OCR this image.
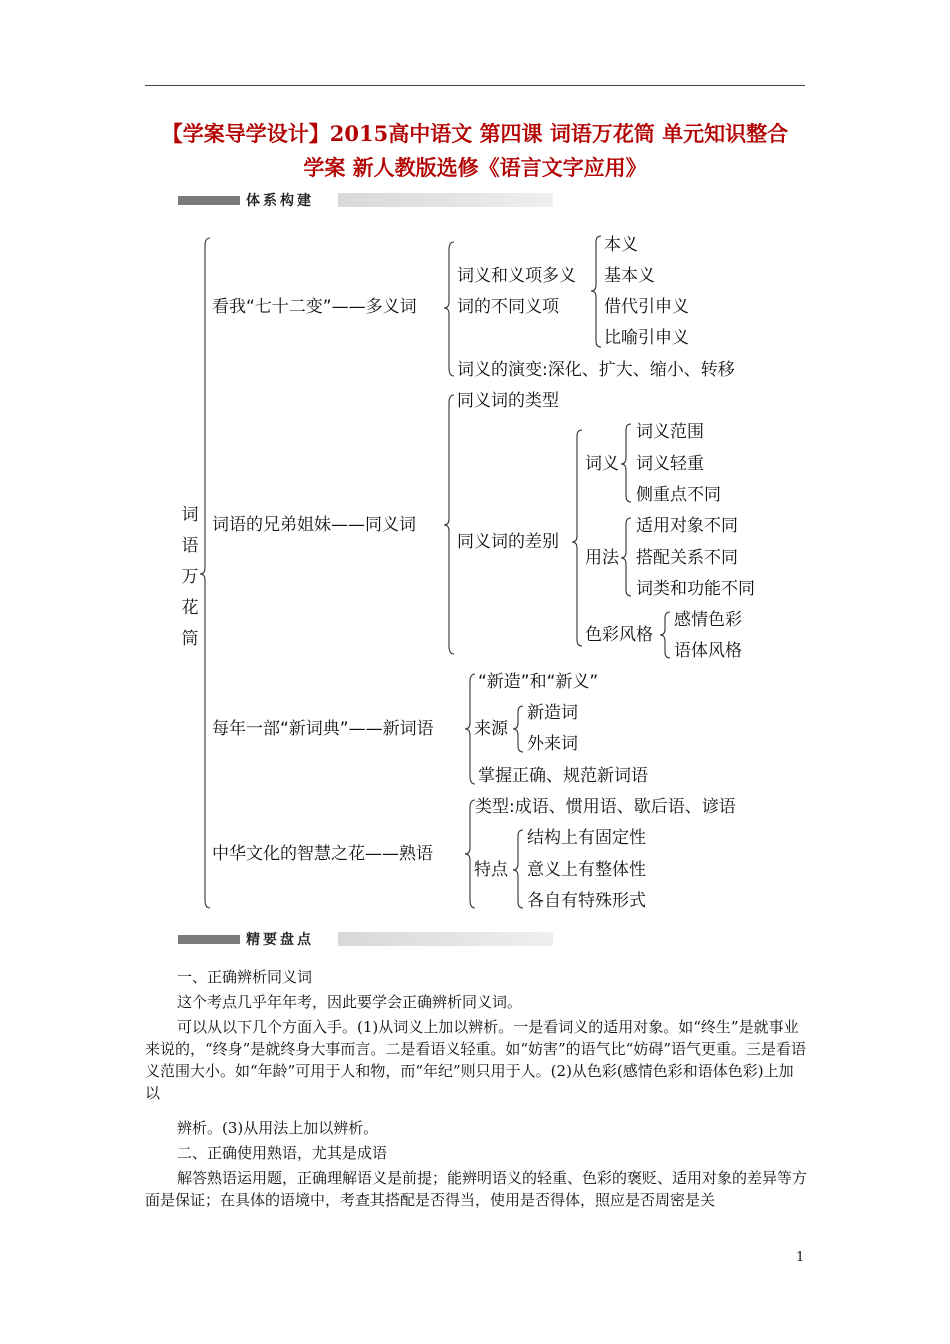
【学案导学设计】2015高中语文 第四课 词语万花筒 单元知识整合
学案 新人教版选修《语言文字应用》
体系构建
词语万花筒
看我“七十二变”——多义词
词义和义项多义
词的不同义项
本义
基本义
借代引申义
比喻引申义
词义的演变:深化、扩大、缩小、转移
词语的兄弟姐妹——同义词
同义词的类型
同义词的差别
词义
词义范围
词义轻重
侧重点不同
用法
适用对象不同
搭配关系不同
词类和功能不同
色彩风格
感情色彩
语体风格
每年一部“新词典”——新词语
“新造”和“新义”
来源
新造词
外来词
掌握正确、规范新词语
中华文化的智慧之花——熟语
类型:成语、惯用语、歇后语、谚语
特点
结构上有固定性
意义上有整体性
各自有特殊形式
精要盘点
一、正确辨析同义词
这个考点几乎年年考，因此要学会正确辨析同义词。
可以从以下几个方面入手。(1)从词义上加以辨析。一是看词义的适用对象。如“终生”是就事业来说的，“终身”是就终身大事而言。二是看语义轻重。如“妨害”的语气比“妨碍”语气更重。三是看语义范围大小。如“年龄”可用于人和物，而“年纪”则只用于人。(2)从色彩(感情色彩和语体色彩)上加以
辨析。(3)从用法上加以辨析。
二、正确使用熟语，尤其是成语
解答熟语运用题，正确理解语义是前提；能辨明语义的轻重、色彩的褒贬、适用对象的差异等方面是保证；在具体的语境中，考查其搭配是否得当，使用是否得体，照应是否周密是关
1
